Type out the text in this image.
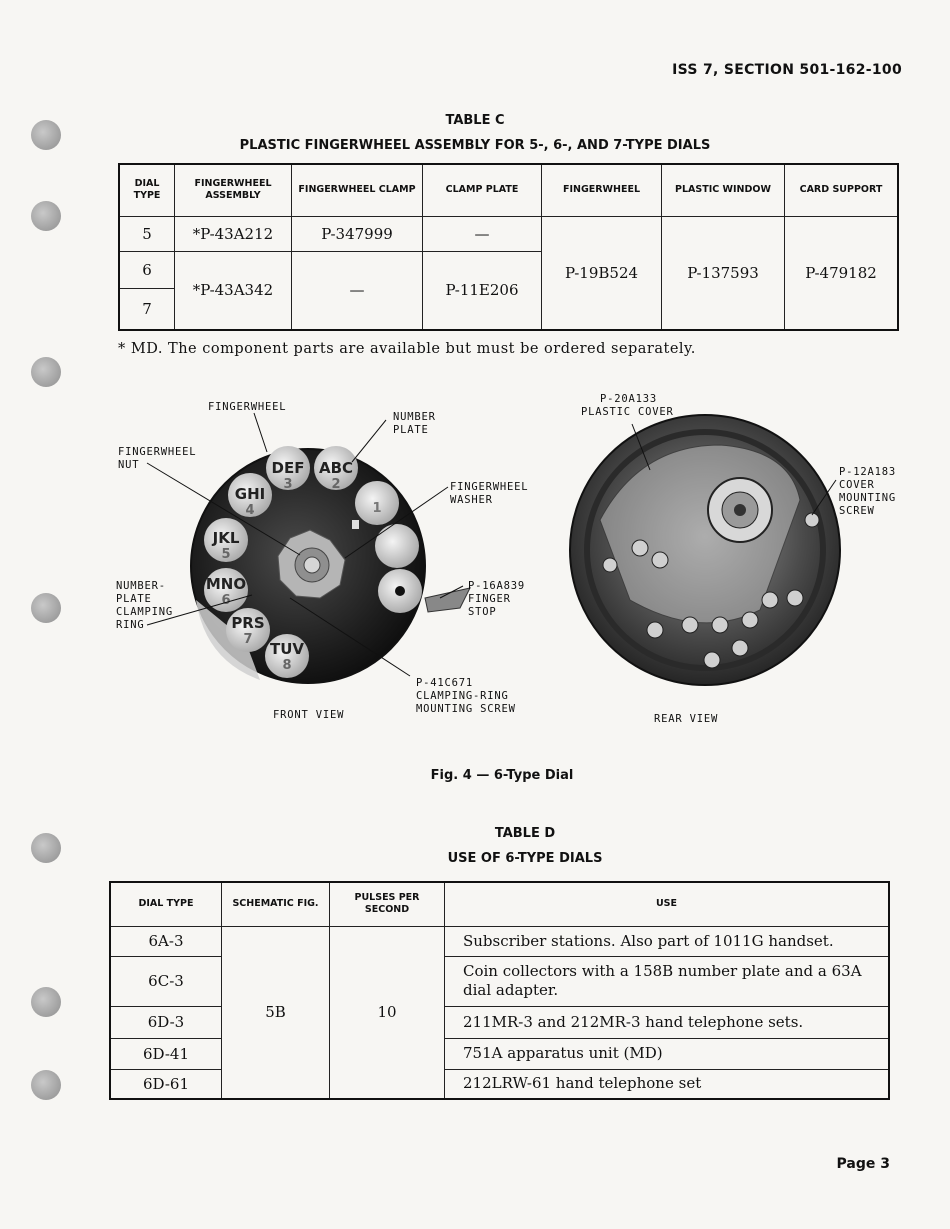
ISS 7, SECTION 501-162-100
TABLE C
PLASTIC FINGERWHEEL ASSEMBLY FOR 5-, 6-, AND 7-TYPE DIALS
DIAL TYPE	FINGERWHEEL ASSEMBLY	FINGERWHEEL CLAMP	CLAMP PLATE	FINGERWHEEL	PLASTIC WINDOW	CARD SUPPORT
5	*P-43A212	P-347999	—	P-19B524	P-137593	P-479182
6	*P-43A342	—	P-11E206			
7						
* MD. The component parts are available but must be ordered separately.
DEF
3
ABC
2
GHI
4
JKL
5
MNO
6
PRS
7
TUV
8
1
FINGERWHEEL
NUMBER
PLATE
FINGERWHEEL
NUT
FINGERWHEEL
WASHER
NUMBER-
PLATE
CLAMPING
RING
P-16A839
FINGER
STOP
P-41C671
CLAMPING-RING
MOUNTING SCREW
FRONT VIEW
P-20A133
PLASTIC COVER
P-12A183
COVER
MOUNTING
SCREW
REAR VIEW
Fig. 4 — 6-Type Dial
TABLE D
USE OF 6-TYPE DIALS
DIAL TYPE	SCHEMATIC FIG.	PULSES PER SECOND	USE
6A-3	5B	10	Subscriber stations. Also part of 1011G handset.
6C-3			Coin collectors with a 158B number plate and a 63A dial adapter.
6D-3			211MR-3 and 212MR-3 hand telephone sets.
6D-41			751A apparatus unit (MD)
6D-61			212LRW-61 hand telephone set
Page 3
